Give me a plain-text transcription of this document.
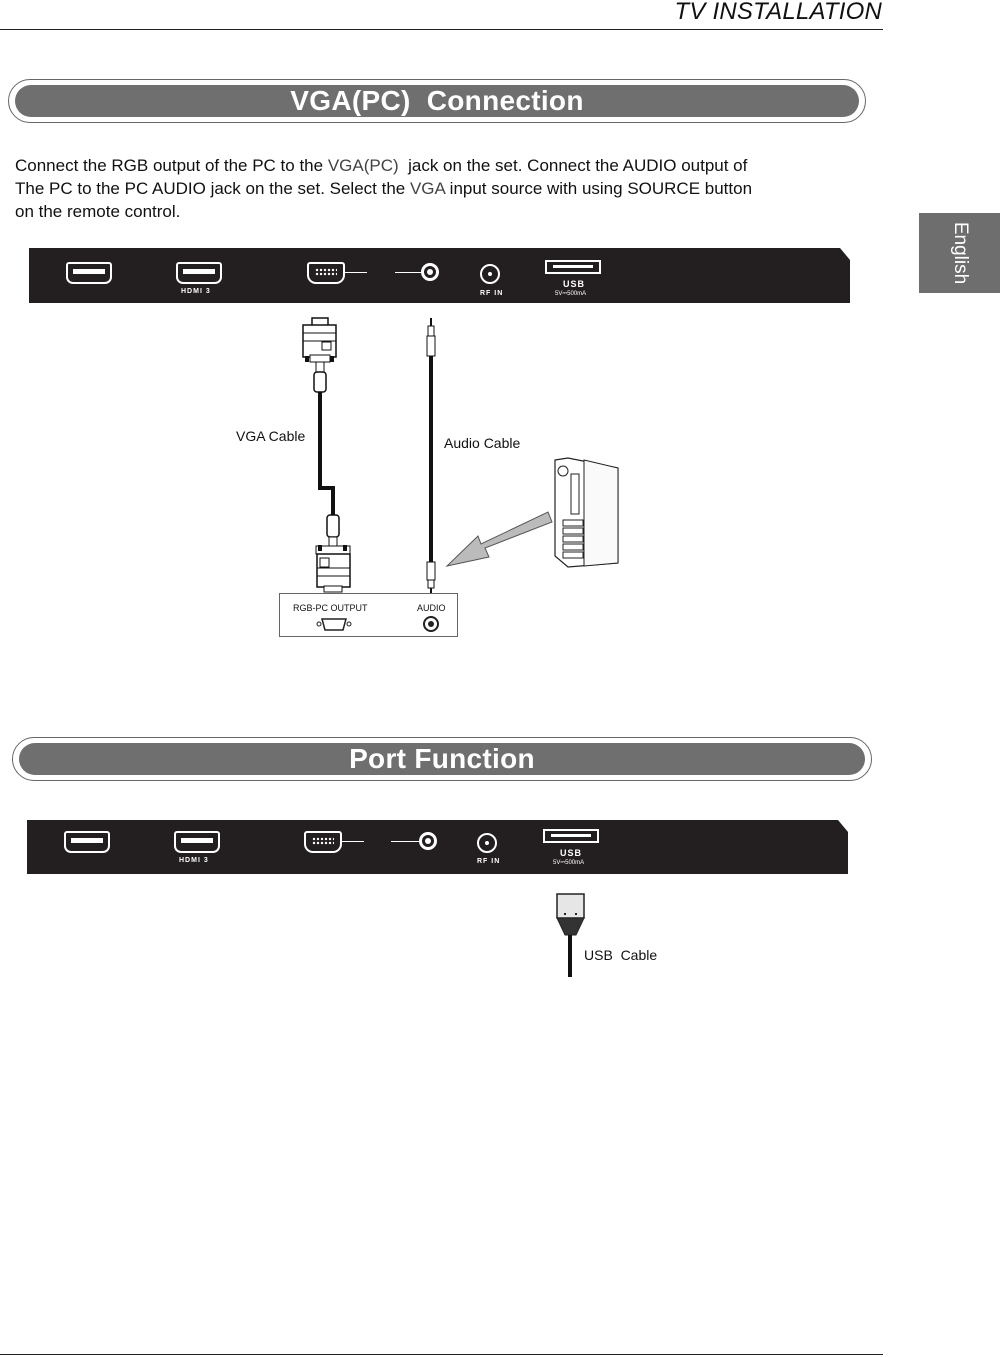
TV INSTALLATION
English
VGA(PC)  Connection

Connect the RGB output of the PC to the VGA(PC)  jack on the set. Connect the AUDIO output of
The PC to the PC AUDIO jack on the set. Select the VGA input source with using SOURCE button
on the remote control.

HDMI 3	RF IN
USB
5V⎓500mA
VGA Cable	Audio Cable
RGB-PC OUTPUT	AUDIO
Port Function
HDMI 3	RF IN
USB
5V⎓500mA
USB  Cable
